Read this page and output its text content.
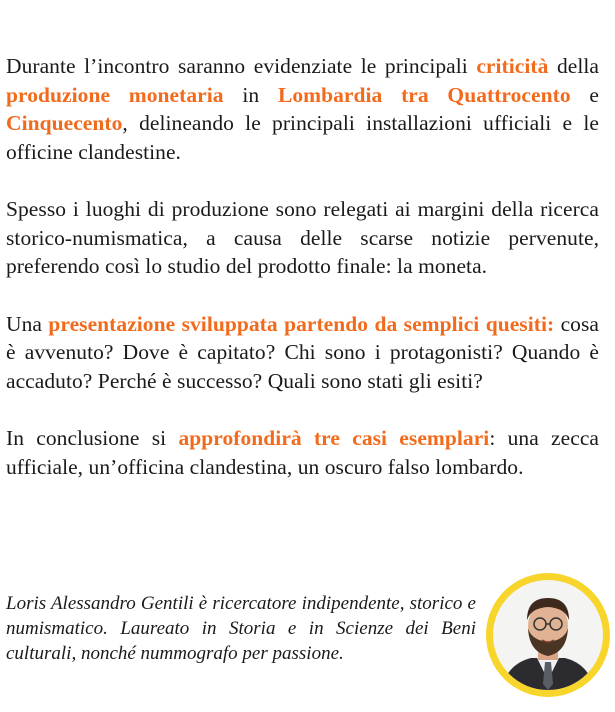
Durante l’incontro saranno evidenziate le principali criticità della produzione monetaria in Lombardia tra Quattrocento e Cinquecento, delineando le principali installazioni ufficiali e le officine clandestine.

Spesso i luoghi di produzione sono relegati ai margini della ricerca storico-numismatica, a causa delle scarse notizie pervenute, preferendo così lo studio del prodotto finale: la moneta.

Una presentazione sviluppata partendo da semplici quesiti: cosa è avvenuto? Dove è capitato? Chi sono i protagonisti? Quando è accaduto? Perché è successo? Quali sono stati gli esiti?

In conclusione si approfondirà tre casi esemplari: una zecca ufficiale, un’officina clandestina, un oscuro falso lombardo.

Loris Alessandro Gentili è ricercatore indipendente, storico e numismatico. Laureato in Storia e in Scienze dei Beni culturali, nonché nummografo per passione.
